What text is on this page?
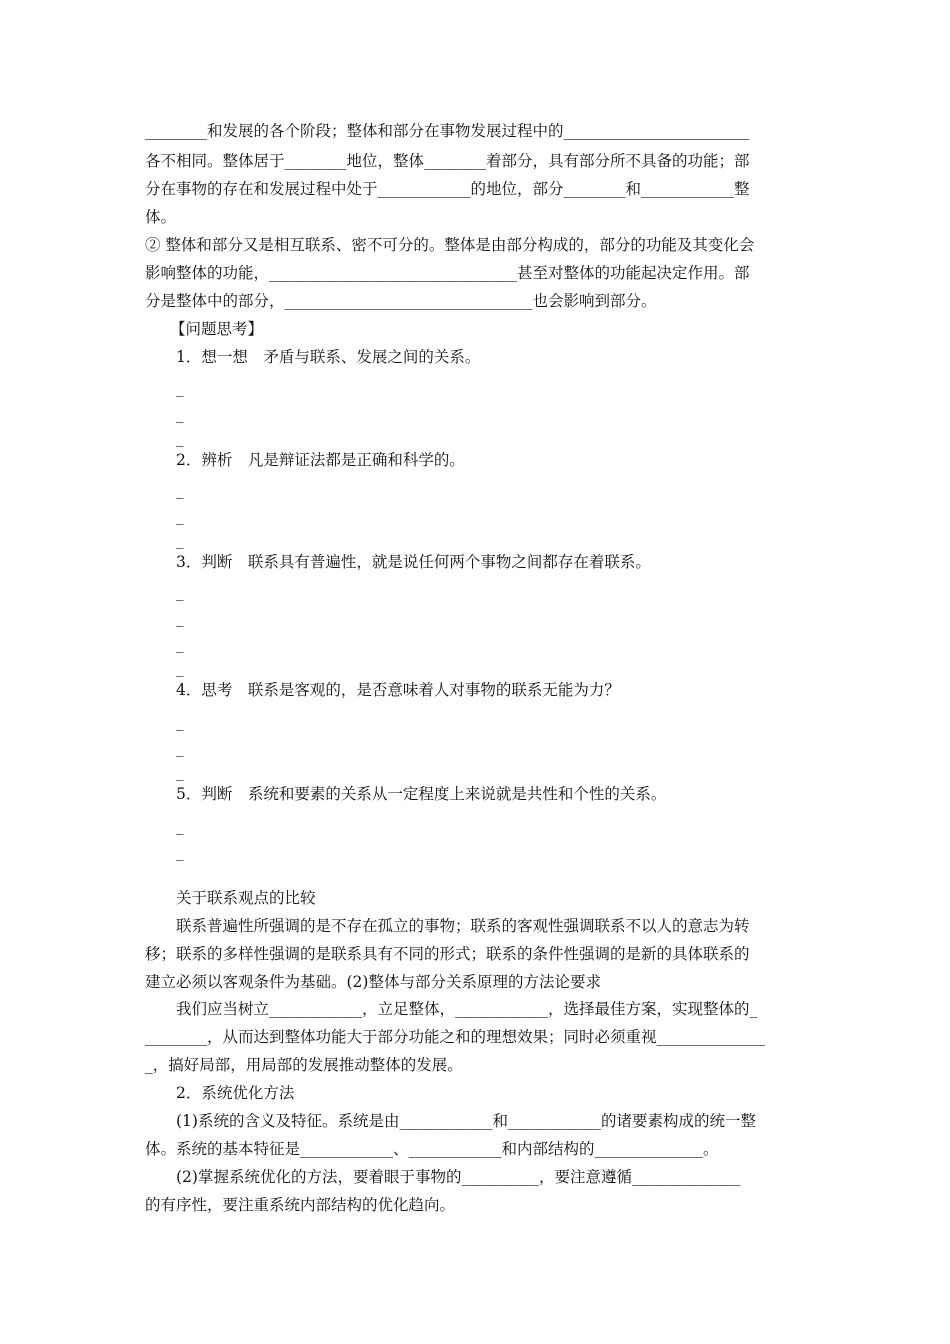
________和发展的各个阶段；整体和部分在事物发展过程中的________________________
各不相同。整体居于________地位，整体________着部分，具有部分所不具备的功能；部
分在事物的存在和发展过程中处于____________的地位，部分________和____________整
体。
② 整体和部分又是相互联系、密不可分的。整体是由部分构成的，部分的功能及其变化会
影响整体的功能，________________________________甚至对整体的功能起决定作用。部
分是整体中的部分，________________________________也会影响到部分。
【问题思考】
1．想一想　矛盾与联系、发展之间的关系。
_
_
_
2．辨析　凡是辩证法都是正确和科学的。
_
_
_
3．判断　联系具有普遍性，就是说任何两个事物之间都存在着联系。
_
_
_
_
4．思考　联系是客观的，是否意味着人对事物的联系无能为力？
_
_
_
5．判断　系统和要素的关系从一定程度上来说就是共性和个性的关系。
_
_
关于联系观点的比较
联系普遍性所强调的是不存在孤立的事物；联系的客观性强调联系不以人的意志为转
移；联系的多样性强调的是联系具有不同的形式；联系的条件性强调的是新的具体联系的
建立必须以客观条件为基础。(2)整体与部分关系原理的方法论要求
我们应当树立____________，立足整体，____________，选择最佳方案，实现整体的_
________，从而达到整体功能大于部分功能之和的理想效果；同时必须重视______________
_，搞好局部，用局部的发展推动整体的发展。
2．系统优化方法
(1)系统的含义及特征。系统是由____________和____________的诸要素构成的统一整
体。系统的基本特征是____________、____________和内部结构的______________。
(2)掌握系统优化的方法，要着眼于事物的__________，要注意遵循______________
的有序性，要注重系统内部结构的优化趋向。
